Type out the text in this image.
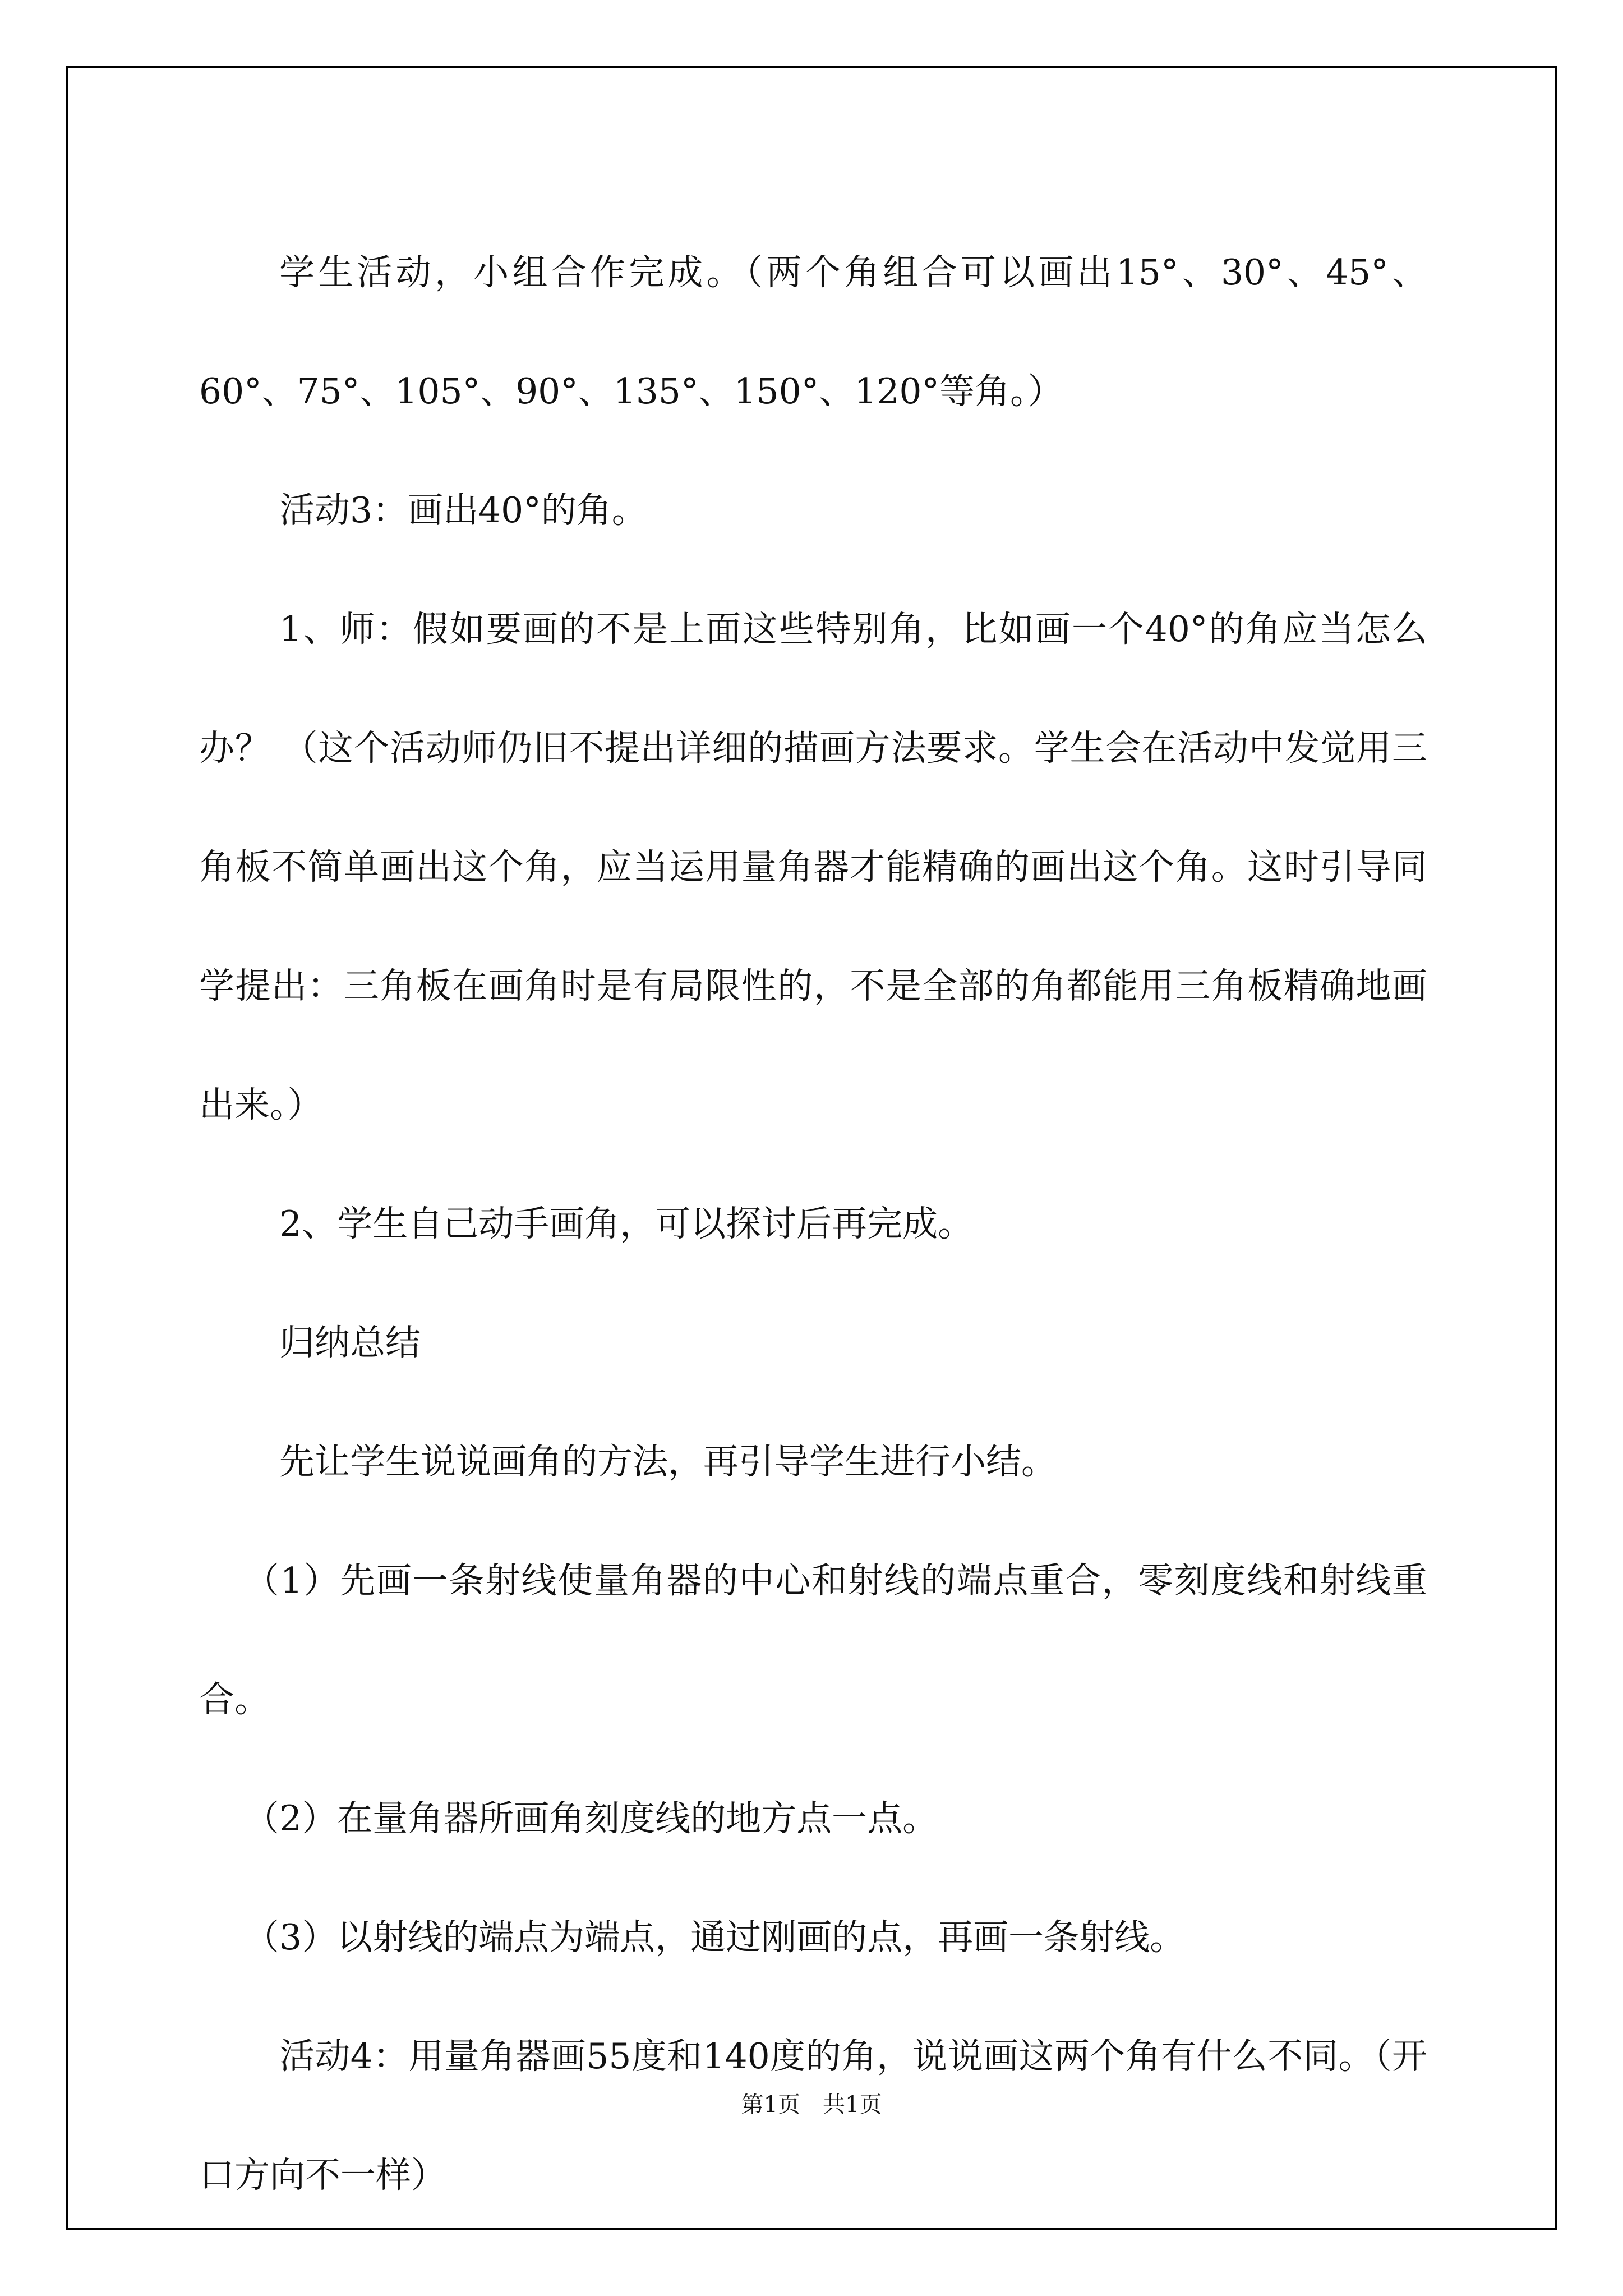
学生活动，小组合作完成。（两个角组合可以画出15°、30°、45°、60°、75°、105°、90°、135°、150°、120°等角。）

活动3：画出40°的角。

1、师：假如要画的不是上面这些特别角，比如画一个40°的角应当怎么办？ （这个活动师仍旧不提出详细的描画方法要求。学生会在活动中发觉用三角板不简单画出这个角，应当运用量角器才能精确的画出这个角。这时引导同学提出：三角板在画角时是有局限性的，不是全部的角都能用三角板精确地画出来。）

2、学生自己动手画角，可以探讨后再完成。

归纳总结

先让学生说说画角的方法，再引导学生进行小结。

（1）先画一条射线使量角器的中心和射线的端点重合，零刻度线和射线重合。

（2）在量角器所画角刻度线的地方点一点。

（3）以射线的端点为端点，通过刚画的点，再画一条射线。

活动4：用量角器画55度和140度的角，说说画这两个角有什么不同。（开口方向不一样）

第1页　共1页
